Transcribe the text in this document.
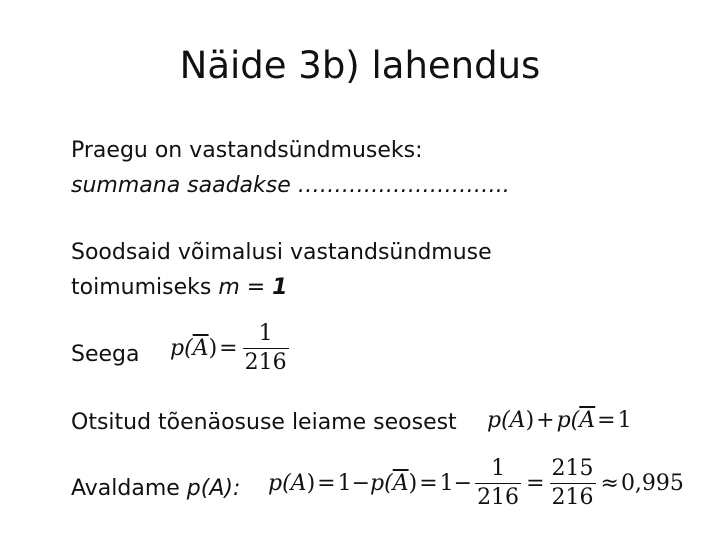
Näide 3b) lahendus
Praegu on vastandsündmuseks:
summana saadakse ………………………..
Soodsaid võimalusi vastandsündmuse
toimumiseks m = 1
Seega p( $\overline{A}$ ) = $\frac{1}{216}$
Otsitud tõenäosuse leiame seosest p( A ) + p( $\overline{A} = 1$
Avaldame p(A): p( A ) = 1− p( $\overline{A}$ ) = $1- \frac{1}{216} = \frac{215}{216} \approx 0,995$
